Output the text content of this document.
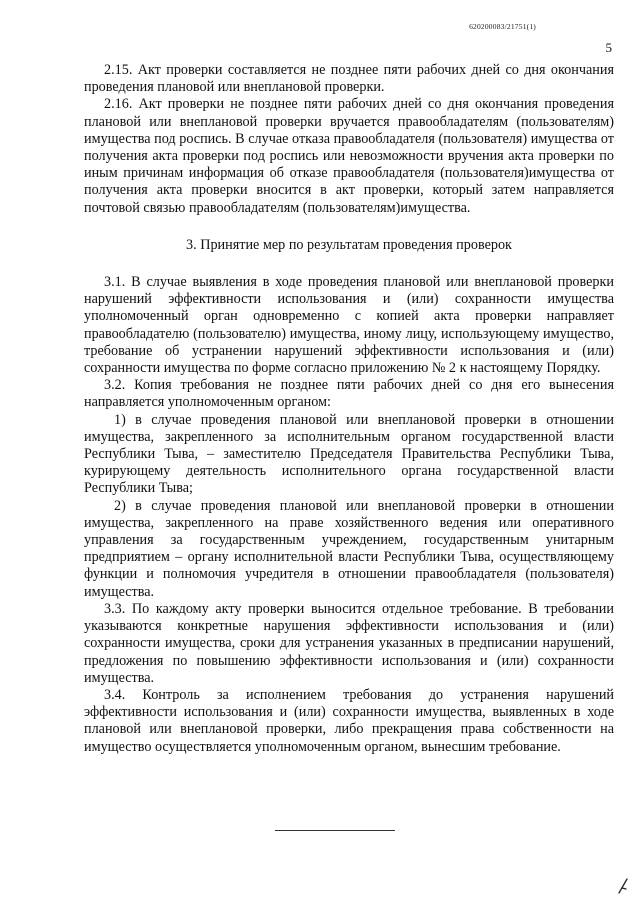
620200083/21751(1)
5

2.15. Акт проверки составляется не позднее пяти рабочих дней со дня окончания проведения плановой или внеплановой проверки.

2.16. Акт проверки не позднее пяти рабочих дней со дня окончания проведения плановой или внеплановой проверки вручается правообладателям (пользователям) имущества под роспись. В случае отказа правообладателя (пользователя) имущества от получения акта проверки под роспись или невозможности вручения акта проверки по иным причинам информация об отказе правообладателя (пользователя)имущества от получения акта проверки вносится в акт проверки, который затем направляется почтовой связью правообладателям (пользователям)имущества.

3. Принятие мер по результатам проведения проверок

3.1. В случае выявления в ходе проведения плановой или внеплановой проверки нарушений эффективности использования и (или) сохранности имущества уполномоченный орган одновременно с копией акта проверки направляет правообладателю (пользователю) имущества, иному лицу, использующему имущество, требование об устранении нарушений эффективности использования и (или) сохранности имущества по форме согласно приложению № 2 к настоящему Порядку.

3.2. Копия требования не позднее пяти рабочих дней со дня его вынесения направляется уполномоченным органом:

1) в случае проведения плановой или внеплановой проверки в отношении имущества, закрепленного за исполнительным органом государственной власти Республики Тыва, – заместителю Председателя Правительства Республики Тыва, курирующему деятельность исполнительного органа государственной власти Республики Тыва;

2) в случае проведения плановой или внеплановой проверки в отношении имущества, закрепленного на праве хозяйственного ведения или оперативного управления за государственным учреждением, государственным унитарным предприятием – органу исполнительной власти Республики Тыва, осуществляющему функции и полномочия учредителя в отношении правообладателя (пользователя) имущества.

3.3. По каждому акту проверки выносится отдельное требование. В требовании указываются конкретные нарушения эффективности использования и (или) сохранности имущества, сроки для устранения указанных в предписании нарушений, предложения по повышению эффективности использования и (или) сохранности имущества.

3.4. Контроль за исполнением требования до устранения нарушений эффективности использования и (или) сохранности имущества, выявленных в ходе плановой или внеплановой проверки, либо прекращения права собственности на имущество осуществляется уполномоченным органом, вынесшим требование.
